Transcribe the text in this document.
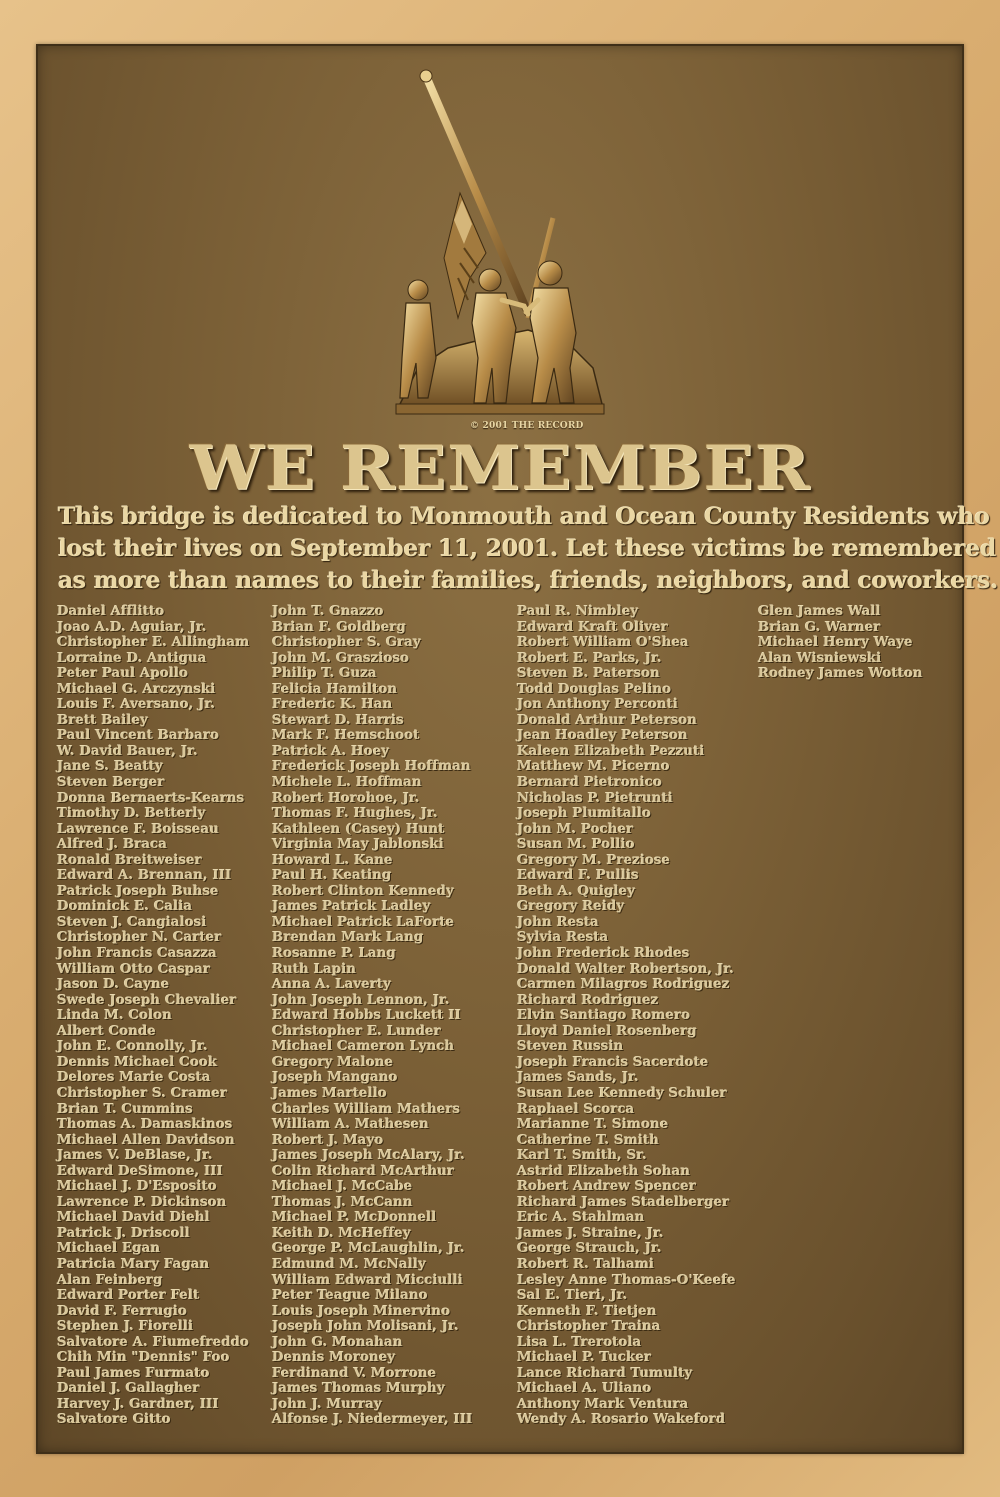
© 2001 THE RECORD
WE REMEMBER
This bridge is dedicated to Monmouth and Ocean County Residents who
lost their lives on September 11, 2001. Let these victims be remembered
as more than names to their families, friends, neighbors, and coworkers.
Daniel Afflitto
Joao A.D. Aguiar, Jr.
Christopher E. Allingham
Lorraine D. Antigua
Peter Paul Apollo
Michael G. Arczynski
Louis F. Aversano, Jr.
Brett Bailey
Paul Vincent Barbaro
W. David Bauer, Jr.
Jane S. Beatty
Steven Berger
Donna Bernaerts-Kearns
Timothy D. Betterly
Lawrence F. Boisseau
Alfred J. Braca
Ronald Breitweiser
Edward A. Brennan, III
Patrick Joseph Buhse
Dominick E. Calia
Steven J. Cangialosi
Christopher N. Carter
John Francis Casazza
William Otto Caspar
Jason D. Cayne
Swede Joseph Chevalier
Linda M. Colon
Albert Conde
John E. Connolly, Jr.
Dennis Michael Cook
Delores Marie Costa
Christopher S. Cramer
Brian T. Cummins
Thomas A. Damaskinos
Michael Allen Davidson
James V. DeBlase, Jr.
Edward DeSimone, III
Michael J. D'Esposito
Lawrence P. Dickinson
Michael David Diehl
Patrick J. Driscoll
Michael Egan
Patricia Mary Fagan
Alan Feinberg
Edward Porter Felt
David F. Ferrugio
Stephen J. Fiorelli
Salvatore A. Fiumefreddo
Chih Min "Dennis" Foo
Paul James Furmato
Daniel J. Gallagher
Harvey J. Gardner, III
Salvatore Gitto
John T. Gnazzo
Brian F. Goldberg
Christopher S. Gray
John M. Graszioso
Philip T. Guza
Felicia Hamilton
Frederic K. Han
Stewart D. Harris
Mark F. Hemschoot
Patrick A. Hoey
Frederick Joseph Hoffman
Michele L. Hoffman
Robert Horohoe, Jr.
Thomas F. Hughes, Jr.
Kathleen (Casey) Hunt
Virginia May Jablonski
Howard L. Kane
Paul H. Keating
Robert Clinton Kennedy
James Patrick Ladley
Michael Patrick LaForte
Brendan Mark Lang
Rosanne P. Lang
Ruth Lapin
Anna A. Laverty
John Joseph Lennon, Jr.
Edward Hobbs Luckett II
Christopher E. Lunder
Michael Cameron Lynch
Gregory Malone
Joseph Mangano
James Martello
Charles William Mathers
William A. Mathesen
Robert J. Mayo
James Joseph McAlary, Jr.
Colin Richard McArthur
Michael J. McCabe
Thomas J. McCann
Michael P. McDonnell
Keith D. McHeffey
George P. McLaughlin, Jr.
Edmund M. McNally
William Edward Micciulli
Peter Teague Milano
Louis Joseph Minervino
Joseph John Molisani, Jr.
John G. Monahan
Dennis Moroney
Ferdinand V. Morrone
James Thomas Murphy
John J. Murray
Alfonse J. Niedermeyer, III
Paul R. Nimbley
Edward Kraft Oliver
Robert William O'Shea
Robert E. Parks, Jr.
Steven B. Paterson
Todd Douglas Pelino
Jon Anthony Perconti
Donald Arthur Peterson
Jean Hoadley Peterson
Kaleen Elizabeth Pezzuti
Matthew M. Picerno
Bernard Pietronico
Nicholas P. Pietrunti
Joseph Plumitallo
John M. Pocher
Susan M. Pollio
Gregory M. Preziose
Edward F. Pullis
Beth A. Quigley
Gregory Reidy
John Resta
Sylvia Resta
John Frederick Rhodes
Donald Walter Robertson, Jr.
Carmen Milagros Rodriguez
Richard Rodriguez
Elvin Santiago Romero
Lloyd Daniel Rosenberg
Steven Russin
Joseph Francis Sacerdote
James Sands, Jr.
Susan Lee Kennedy Schuler
Raphael Scorca
Marianne T. Simone
Catherine T. Smith
Karl T. Smith, Sr.
Astrid Elizabeth Sohan
Robert Andrew Spencer
Richard James Stadelberger
Eric A. Stahlman
James J. Straine, Jr.
George Strauch, Jr.
Robert R. Talhami
Lesley Anne Thomas-O'Keefe
Sal E. Tieri, Jr.
Kenneth F. Tietjen
Christopher Traina
Lisa L. Trerotola
Michael P. Tucker
Lance Richard Tumulty
Michael A. Uliano
Anthony Mark Ventura
Wendy A. Rosario Wakeford
Glen James Wall
Brian G. Warner
Michael Henry Waye
Alan Wisniewski
Rodney James Wotton
